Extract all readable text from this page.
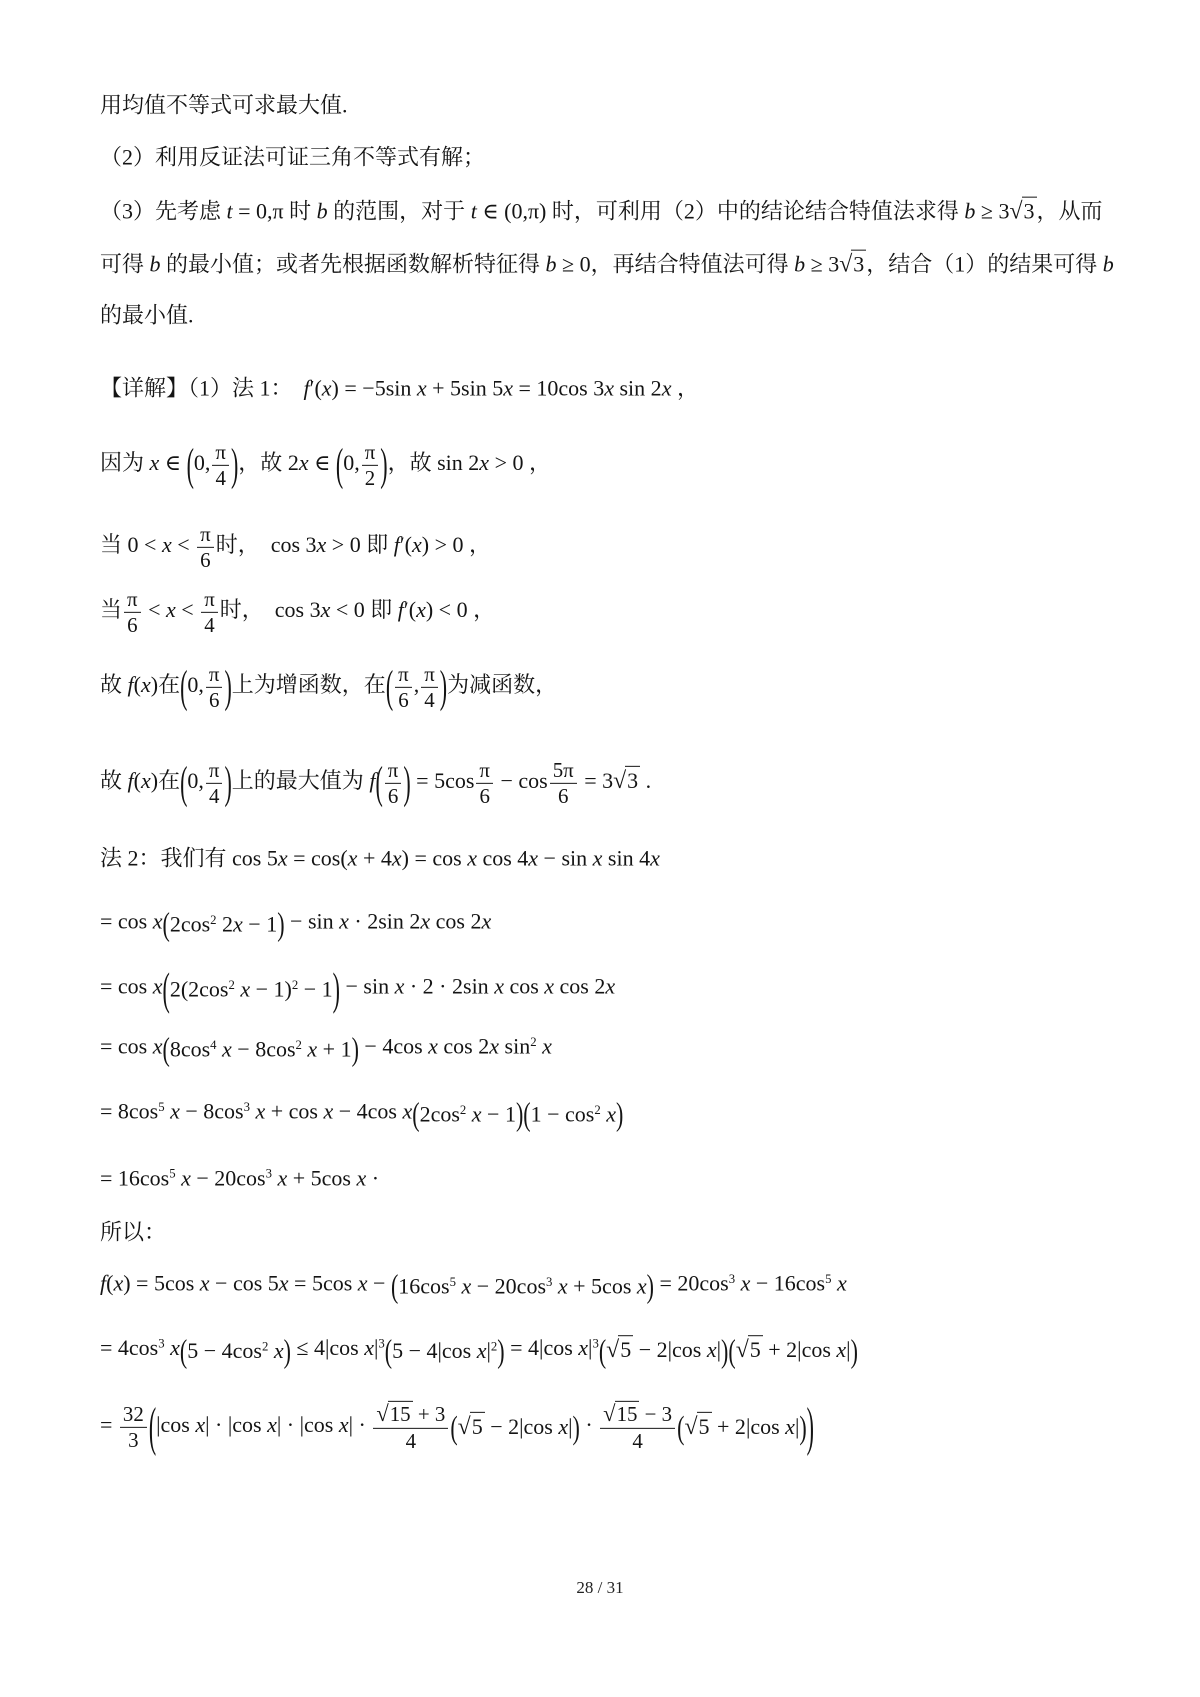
用均值不等式可求最大值.
（2）利用反证法可证三角不等式有解；
（3）先考虑 t = 0,π 时 b 的范围，对于 t ∈ (0,π) 时，可利用（2）中的结论结合特值法求得 b ≥ 3√3，从而
可得 b 的最小值；或者先根据函数解析特征得 b ≥ 0，再结合特值法可得 b ≥ 3√3，结合（1）的结果可得 b
的最小值.
【详解】（1）法 1： f′(x) = −5sin x + 5sin 5x = 10cos 3x sin 2x ，
因为 x ∈ (0, $\frac{\pi}{4}$ )，故 2x ∈ (0, $\frac{\pi}{2}$ )，故 sin 2x > 0 ，
当 $0 < x < \frac{\pi}{6}$ 时，  cos 3x > 0 即 f′(x) > 0 ，
当 $\frac{\pi}{6} < x < \frac{\pi}{4}$ 时，  cos 3x < 0 即 f′(x) < 0 ，
故 f(x)在(0, $\frac{\pi}{6}$ )上为增函数，在( $\frac{\pi}{6}$ , $\frac{\pi}{4}$ )为减函数，
故 f(x)在(0, $\frac{\pi}{4}$ )上的最大值为 $f( \frac{\pi}{6}$ ) = $5\cos \frac{\pi}{6} - \cos \frac{5\pi}{6} = 3√3$ .
法 2：我们有 cos 5x = cos(x + 4x) = cos x cos 4x − sin x sin 4x
= $\cos x(2\cos^2$ 2x − 1) − sin x · 2sin 2x cos 2x
= $\cos x(2(2\cos^2$ x − 1)$^2$ − 1) − sin x · 2 · 2sin x cos x cos 2x
= $\cos x(8\cos^4$ $x - 8\cos^2$ x + 1) − 4cos x cos 2x $\sin^2 x$
= $8\cos^5$ $x - 8\cos^3$ x + cos x − 4cos $x(2\cos^2$ $x - 1)(1 - \cos^2 x)$
= $16\cos^5$ $x - 20\cos^3$ x + 5cos x ·
所以：
f(x) = 5cos x − cos 5x = 5cos $x - (16\cos^5$ $x - 20\cos^3$ x + 5cos $x) = 20\cos^3$ $x - 16\cos^5$ x
= $4\cos^3$ $x(5 - 4\cos^2$ x) ≤ 4|cos $x|^3(5 - 4|\cos$ $x|^2) = 4|\cos$ $x|^3(√5 - 2|\cos$ x|)(√5 + 2|cos x|)
= $\frac{32}{3} (|\cos$ x| · |cos x| · |cos $x| \cdot \frac{√15 + 3}{4} (√5 - 2|\cos$ $x|) \cdot \frac{√15 - 3}{4} (√5 + 2|\cos$ x|))
28 / 31
